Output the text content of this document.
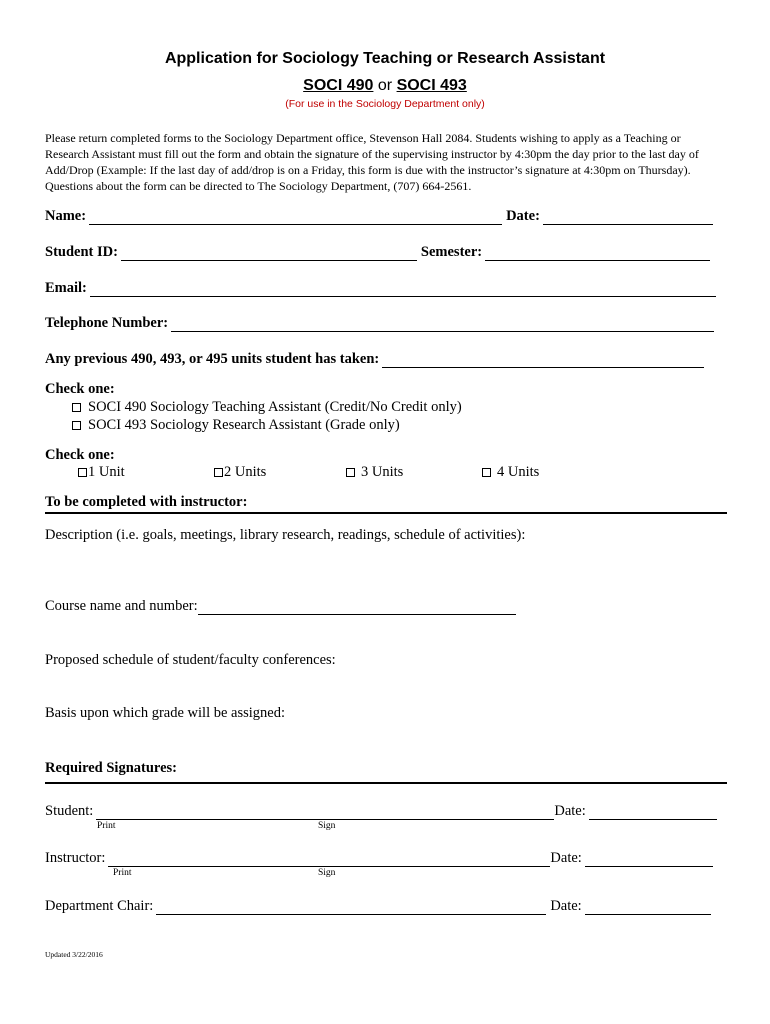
Application for Sociology Teaching or Research Assistant
SOCI 490 or SOCI 493
(For use in the Sociology Department only)
Please return completed forms to the Sociology Department office, Stevenson Hall 2084. Students wishing to apply as a Teaching or Research Assistant must fill out the form and obtain the signature of the supervising instructor by 4:30pm the day prior to the last day of Add/Drop (Example: If the last day of add/drop is on a Friday, this form is due with the instructor’s signature at 4:30pm on Thursday). Questions about the form can be directed to The Sociology Department, (707) 664-2561.
Name:	Date:
Student ID:	Semester:
Email:
Telephone Number:
Any previous 490, 493, or 495 units student has taken:
Check one:
SOCI 490 Sociology Teaching Assistant (Credit/No Credit only)
SOCI 493 Sociology Research Assistant (Grade only)
Check one:
1 Unit	2 Units	3 Units	4 Units
To be completed with instructor:
Description (i.e. goals, meetings, library research, readings, schedule of activities):
Course name and number:
Proposed schedule of student/faculty conferences:
Basis upon which grade will be assigned:
Required Signatures:
Student:	Date:
Print	Sign
Instructor:	Date:
Print	Sign
Department Chair:	Date:
Updated 3/22/2016
